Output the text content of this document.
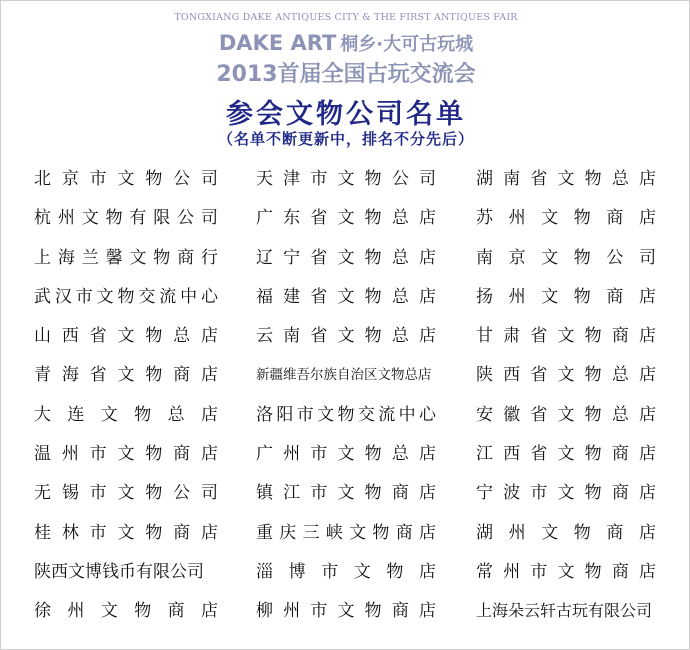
TONGXIANG DAKE ANTIQUES CITY & THE FIRST ANTIQUES FAIR
DAKE ART 桐乡·大可古玩城
2013首届全国古玩交流会
参会文物公司名单
（名单不断更新中，排名不分先后）
北京市文物公司 天津市文物公司 湖南省文物总店
杭州文物有限公司 广东省文物总店 苏州文物商店
上海兰馨文物商行 辽宁省文物总店 南京文物公司
武汉市文物交流中心 福建省文物总店 扬州文物商店
山西省文物总店 云南省文物总店 甘肃省文物商店
青海省文物商店	新疆维吾尔族自治区文物总店	陕西省文物总店
大连文物总店 洛阳市文物交流中心 安徽省文物总店
温州市文物商店 广州市文物总店 江西省文物商店
无锡市文物公司 镇江市文物商店 宁波市文物商店
桂林市文物商店 重庆三峡文物商店 湖州文物商店
陕西文博钱币有限公司	淄博市文物店 常州市文物商店
徐州文物商店 柳州市文物商店	上海朵云轩古玩有限公司
